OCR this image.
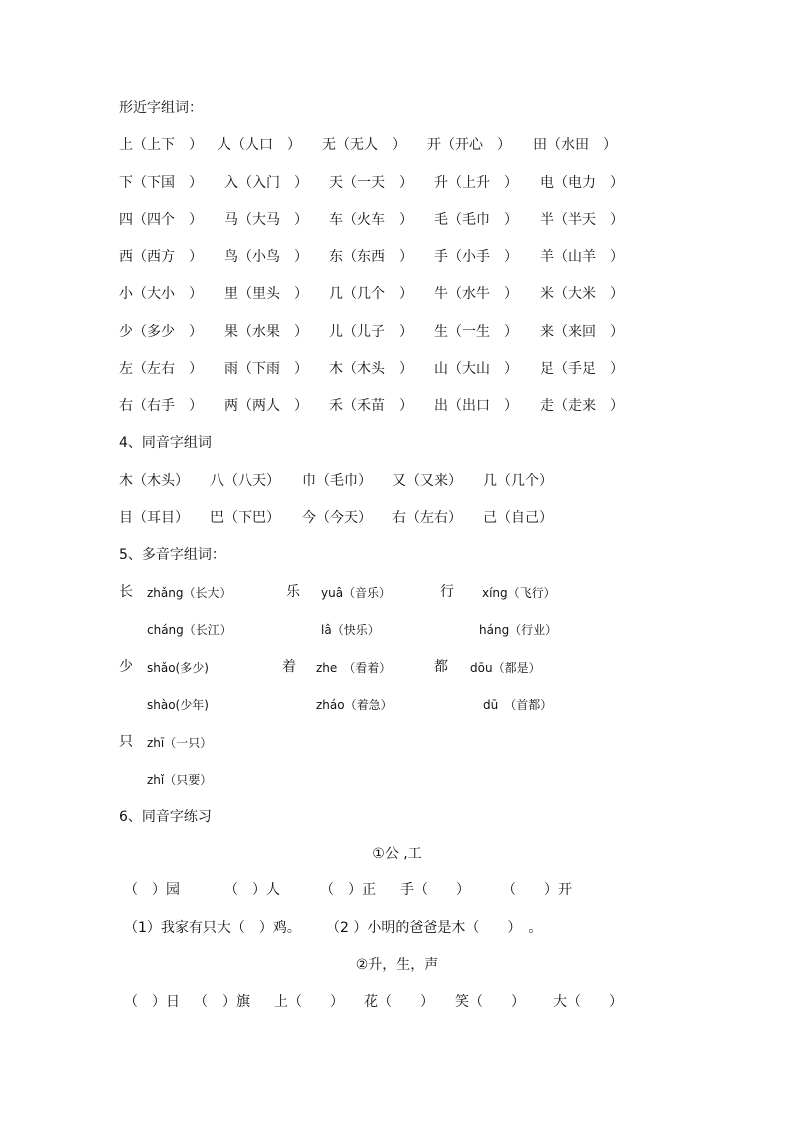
形近字组词：
上（上下　） 人（人口　） 无（无人　） 开（开心　） 田（水田　）
下（下国　） 入（入门　） 天（一天　） 升（上升　） 电（电力　）
四（四个　） 马（大马　） 车（火车　） 毛（毛巾　） 半（半天　）
西（西方　） 鸟（小鸟　） 东（东西　） 手（小手　） 羊（山羊　）
小（大小　） 里（里头　） 几（几个　） 牛（水牛　） 米（大米　）
少（多少　） 果（水果　） 儿（儿子　） 生（一生　） 来（来回　）
左（左右　） 雨（下雨　） 木（木头　） 山（大山　） 足（手足　）
右（右手　） 两（两人　） 禾（禾苗　） 出（出口　） 走（走来　）
4、同音字组词
木（木头） 八（八天） 巾（毛巾） 又（又来） 几（几个）
目（耳目） 巴（下巴） 今（今天） 右（左右） 己（自己）
5、多音字组词：
长 zhǎng（长大）
cháng（长江）
乐 yuâ（音乐）
lâ（快乐）
行 xíng（飞行）
háng（行业）
少 shǎo(多少)
shào(少年)
着 zhe　（看着）
zháo（着急）
都 dōu（都是）
dū　（首都）
只 zhī（一只）
zhǐ（只要）
6、同音字练习
①公 ,工
（　）园	（　）人	（　）正 手（　　） （　　）开
（1）我家有只大（　）鸡。 （2 ）小明的爸爸是木（　　）　。
②升，生，声
（　）日 （　）旗 上（　　） 花（　　） 笑（　　） 大（　　）
